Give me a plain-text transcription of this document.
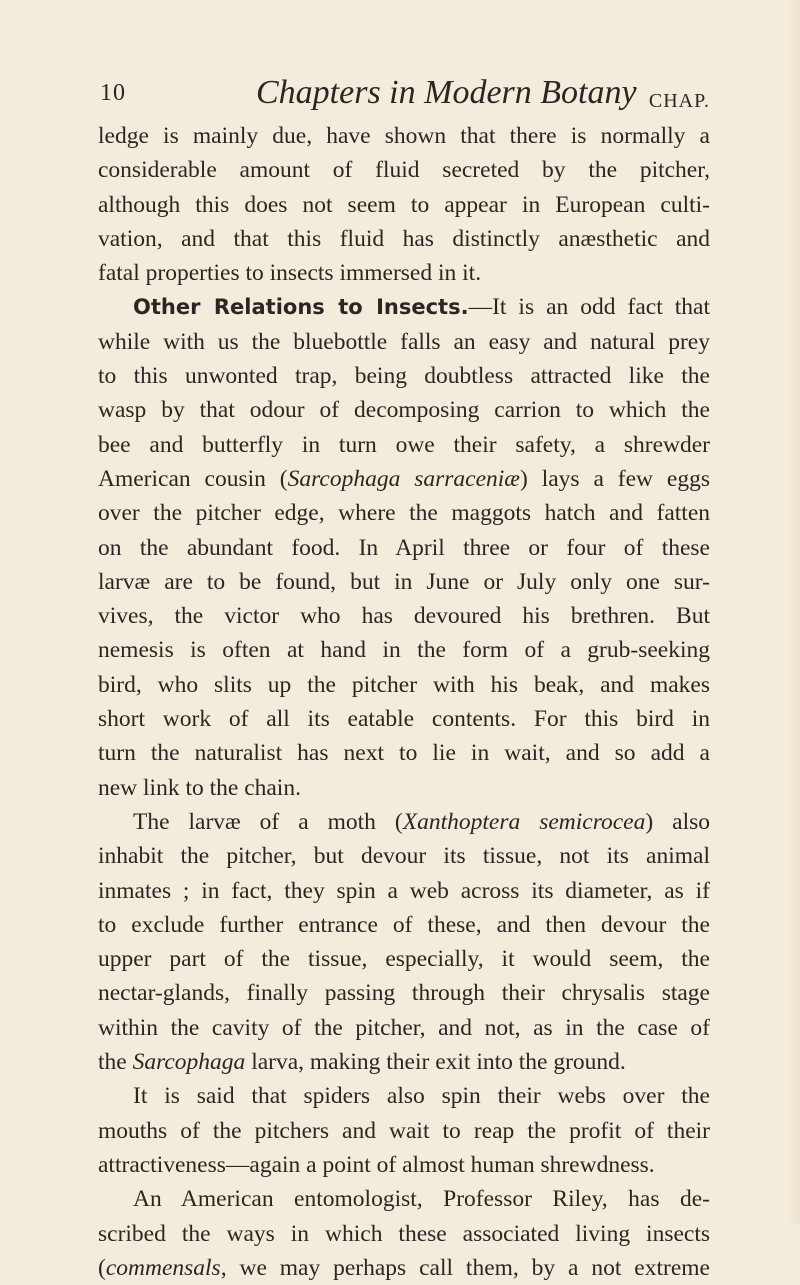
10	Chapters in Modern Botany CHAP.
ledge is mainly due, have shown that there is normally a
considerable amount of fluid secreted by the pitcher,
although this does not seem to appear in European culti-
vation, and that this fluid has distinctly anæsthetic and
fatal properties to insects immersed in it.
Other Relations to Insects.—It is an odd fact that
while with us the bluebottle falls an easy and natural prey
to this unwonted trap, being doubtless attracted like the
wasp by that odour of decomposing carrion to which the
bee and butterfly in turn owe their safety, a shrewder
American cousin (Sarcophaga sarraceniæ) lays a few eggs
over the pitcher edge, where the maggots hatch and fatten
on the abundant food. In April three or four of these
larvæ are to be found, but in June or July only one sur-
vives, the victor who has devoured his brethren. But
nemesis is often at hand in the form of a grub-seeking
bird, who slits up the pitcher with his beak, and makes
short work of all its eatable contents. For this bird in
turn the naturalist has next to lie in wait, and so add a
new link to the chain.
The larvæ of a moth (Xanthoptera semicrocea) also
inhabit the pitcher, but devour its tissue, not its animal
inmates ; in fact, they spin a web across its diameter, as if
to exclude further entrance of these, and then devour the
upper part of the tissue, especially, it would seem, the
nectar-glands, finally passing through their chrysalis stage
within the cavity of the pitcher, and not, as in the case of
the Sarcophaga larva, making their exit into the ground.
It is said that spiders also spin their webs over the
mouths of the pitchers and wait to reap the profit of their
attractiveness—again a point of almost human shrewdness.
An American entomologist, Professor Riley, has de-
scribed the ways in which these associated living insects
(commensals, we may perhaps call them, by a not extreme
